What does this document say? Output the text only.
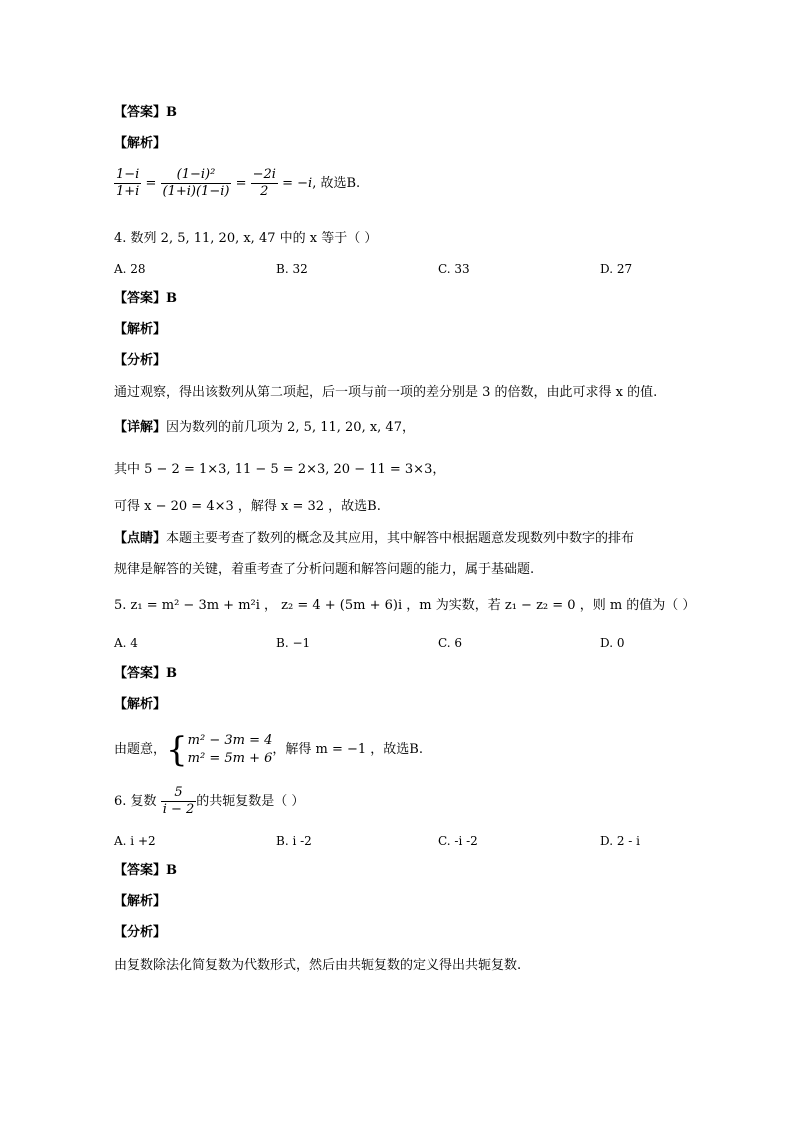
【答案】B
【解析】
$\frac{1-i}{1+i} = \frac{\text{(1−i)²}}{(1+i)(1-i)} = \frac{-2i}{2} = -i$, 故选B.
4. 数列 2, 5, 11, 20, x, 47 中的 x 等于（ ）
A. 28	B. 32	C. 33	D. 27
【答案】B
【解析】
【分析】
通过观察，得出该数列从第二项起，后一项与前一项的差分别是 3 的倍数，由此可求得 x 的值.
【详解】因为数列的前几项为 2, 5, 11, 20, x, 47，
其中 5 − 2 = 1×3, 11 − 5 = 2×3, 20 − 11 = 3×3，
可得 x − 20 = 4×3 ，解得 x = 32 ，故选B.
【点睛】本题主要考查了数列的概念及其应用，其中解答中根据题意发现数列中数字的排布
规律是解答的关键，着重考查了分析问题和解答问题的能力，属于基础题.
5. z₁ = m² − 3m + m²i ， z₂ = 4 + (5m + 6)i ，m 为实数，若 z₁ − z₂ = 0 ，则 m 的值为（ ）
A. 4	B. −1	C. 6	D. 0
【答案】B
【解析】
由题意，{ m² − 3m = 4
m² = 5m + 6
，解得 m = −1 ，故选B.
6. 复数 $\frac{5}{i - 2}$ 的共轭复数是（ ）
A. i +2	B. i -2	C. -i -2	D. 2 - i
【答案】B
【解析】
【分析】
由复数除法化简复数为代数形式，然后由共轭复数的定义得出共轭复数.
